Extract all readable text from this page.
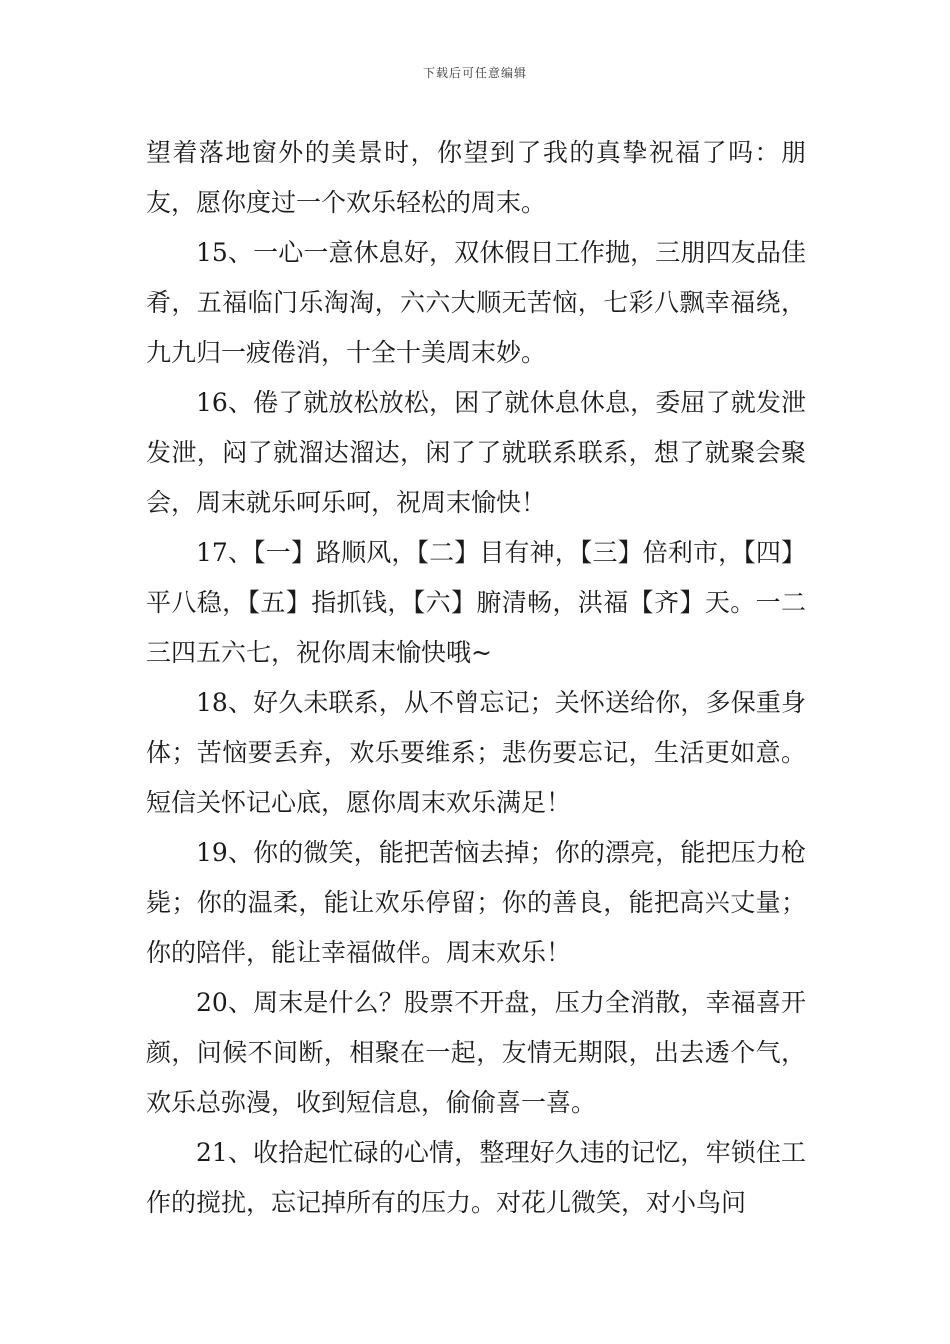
下载后可任意编辑

望着落地窗外的美景时，你望到了我的真挚祝福了吗：朋友，愿你度过一个欢乐轻松的周末。

15、一心一意休息好，双休假日工作抛，三朋四友品佳肴，五福临门乐淘淘，六六大顺无苦恼，七彩八飘幸福绕，九九归一疲倦消，十全十美周末妙。

16、倦了就放松放松，困了就休息休息，委屈了就发泄发泄，闷了就溜达溜达，闲了了就联系联系，想了就聚会聚会，周末就乐呵乐呵，祝周末愉快！

17、【一】路顺风，【二】目有神，【三】倍利市，【四】平八稳，【五】指抓钱，【六】腑清畅，洪福【齐】天。一二三四五六七，祝你周末愉快哦~

18、好久未联系，从不曾忘记；关怀送给你，多保重身体；苦恼要丢弃，欢乐要维系；悲伤要忘记，生活更如意。短信关怀记心底，愿你周末欢乐满足！

19、你的微笑，能把苦恼去掉；你的漂亮，能把压力枪毙；你的温柔，能让欢乐停留；你的善良，能把高兴丈量；你的陪伴，能让幸福做伴。周末欢乐！

20、周末是什么？股票不开盘，压力全消散，幸福喜开颜，问候不间断，相聚在一起，友情无期限，出去透个气，欢乐总弥漫，收到短信息，偷偷喜一喜。

21、收拾起忙碌的心情，整理好久违的记忆，牢锁住工作的搅扰，忘记掉所有的压力。对花儿微笑，对小鸟问
